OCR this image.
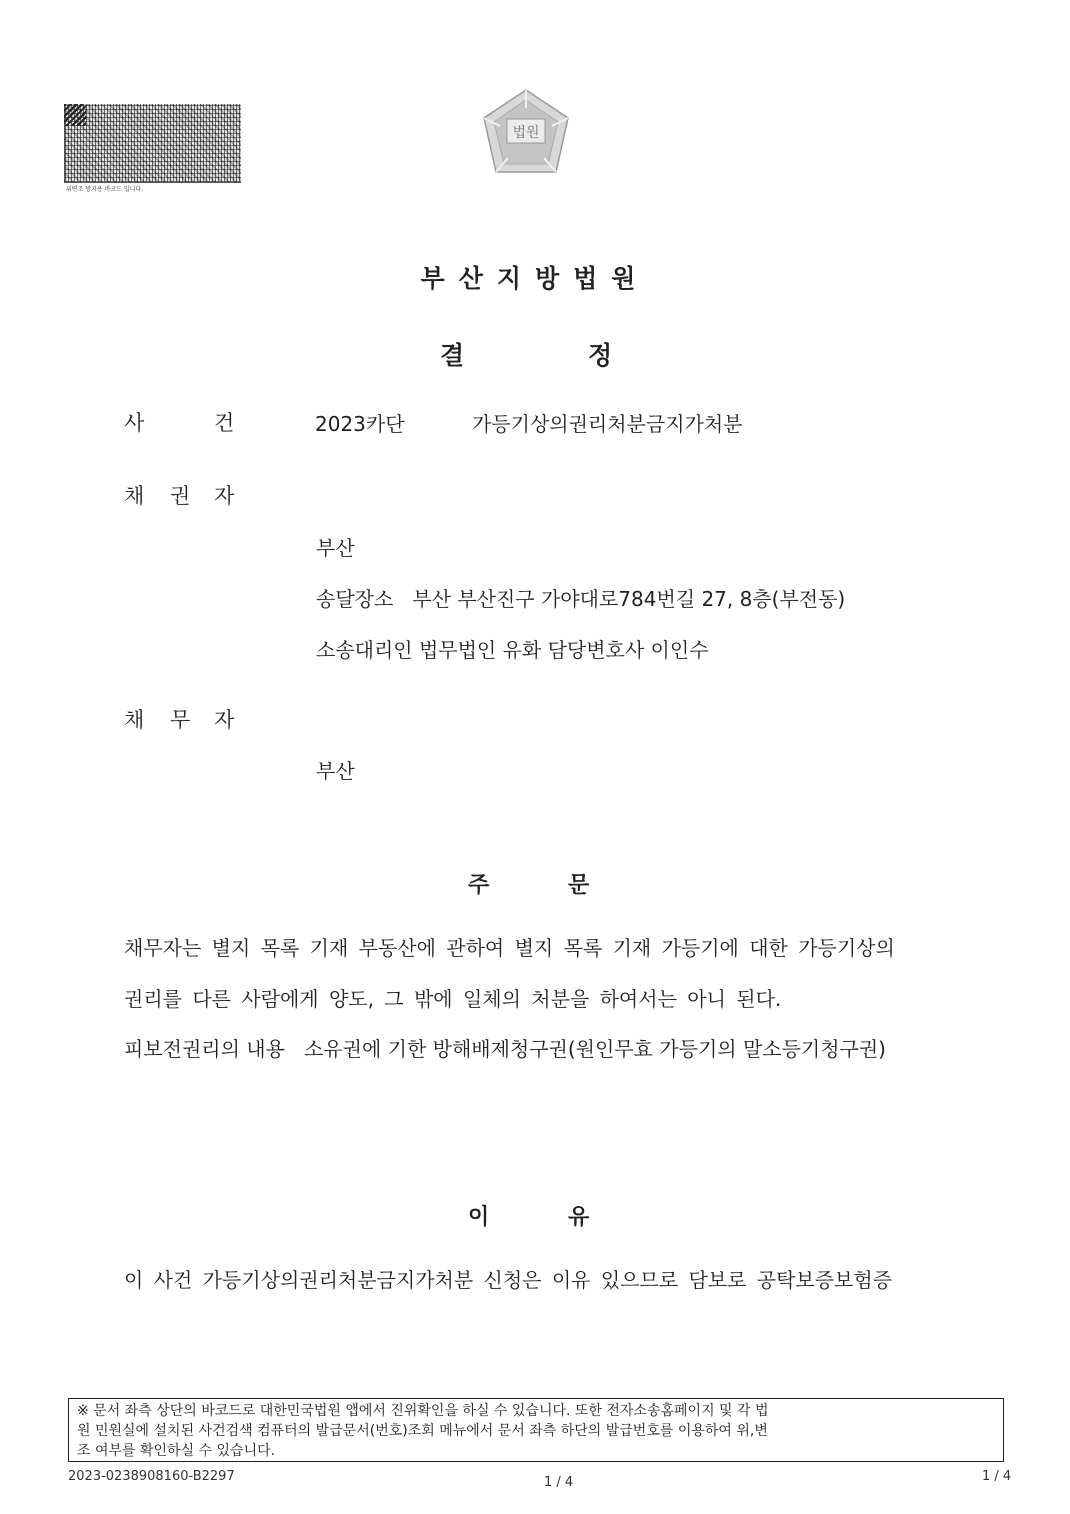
위변조 방지용 바코드 입니다.
법원
부산지방법원
결	정
사	건	2023카단	가등기상의권리처분금지가처분
채 권 자
부산
송달장소   부산 부산진구 가야대로784번길 27, 8층(부전동)
소송대리인 법무법인 유화 담당변호사 이인수
채 무 자
부산
주	문
채무자는 별지 목록 기재 부동산에 관하여 별지 목록 기재 가등기에 대한 가등기상의
권리를 다른 사람에게 양도, 그 밖에 일체의 처분을 하여서는 아니 된다.
피보전권리의 내용   소유권에 기한 방해배제청구권(원인무효 가등기의 말소등기청구권)
이	유
이 사건 가등기상의권리처분금지가처분 신청은 이유 있으므로 담보로 공탁보증보험증
※ 문서 좌측 상단의 바코드로 대한민국법원 앱에서 진위확인을 하실 수 있습니다. 또한 전자소송홈페이지 및 각 법
원 민원실에 설치된 사건검색 컴퓨터의 발급문서(번호)조회 메뉴에서 문서 좌측 하단의 발급번호를 이용하여 위,변
조 여부를 확인하실 수 있습니다.
2023-0238908160-B2297	1 / 4	1 / 4
